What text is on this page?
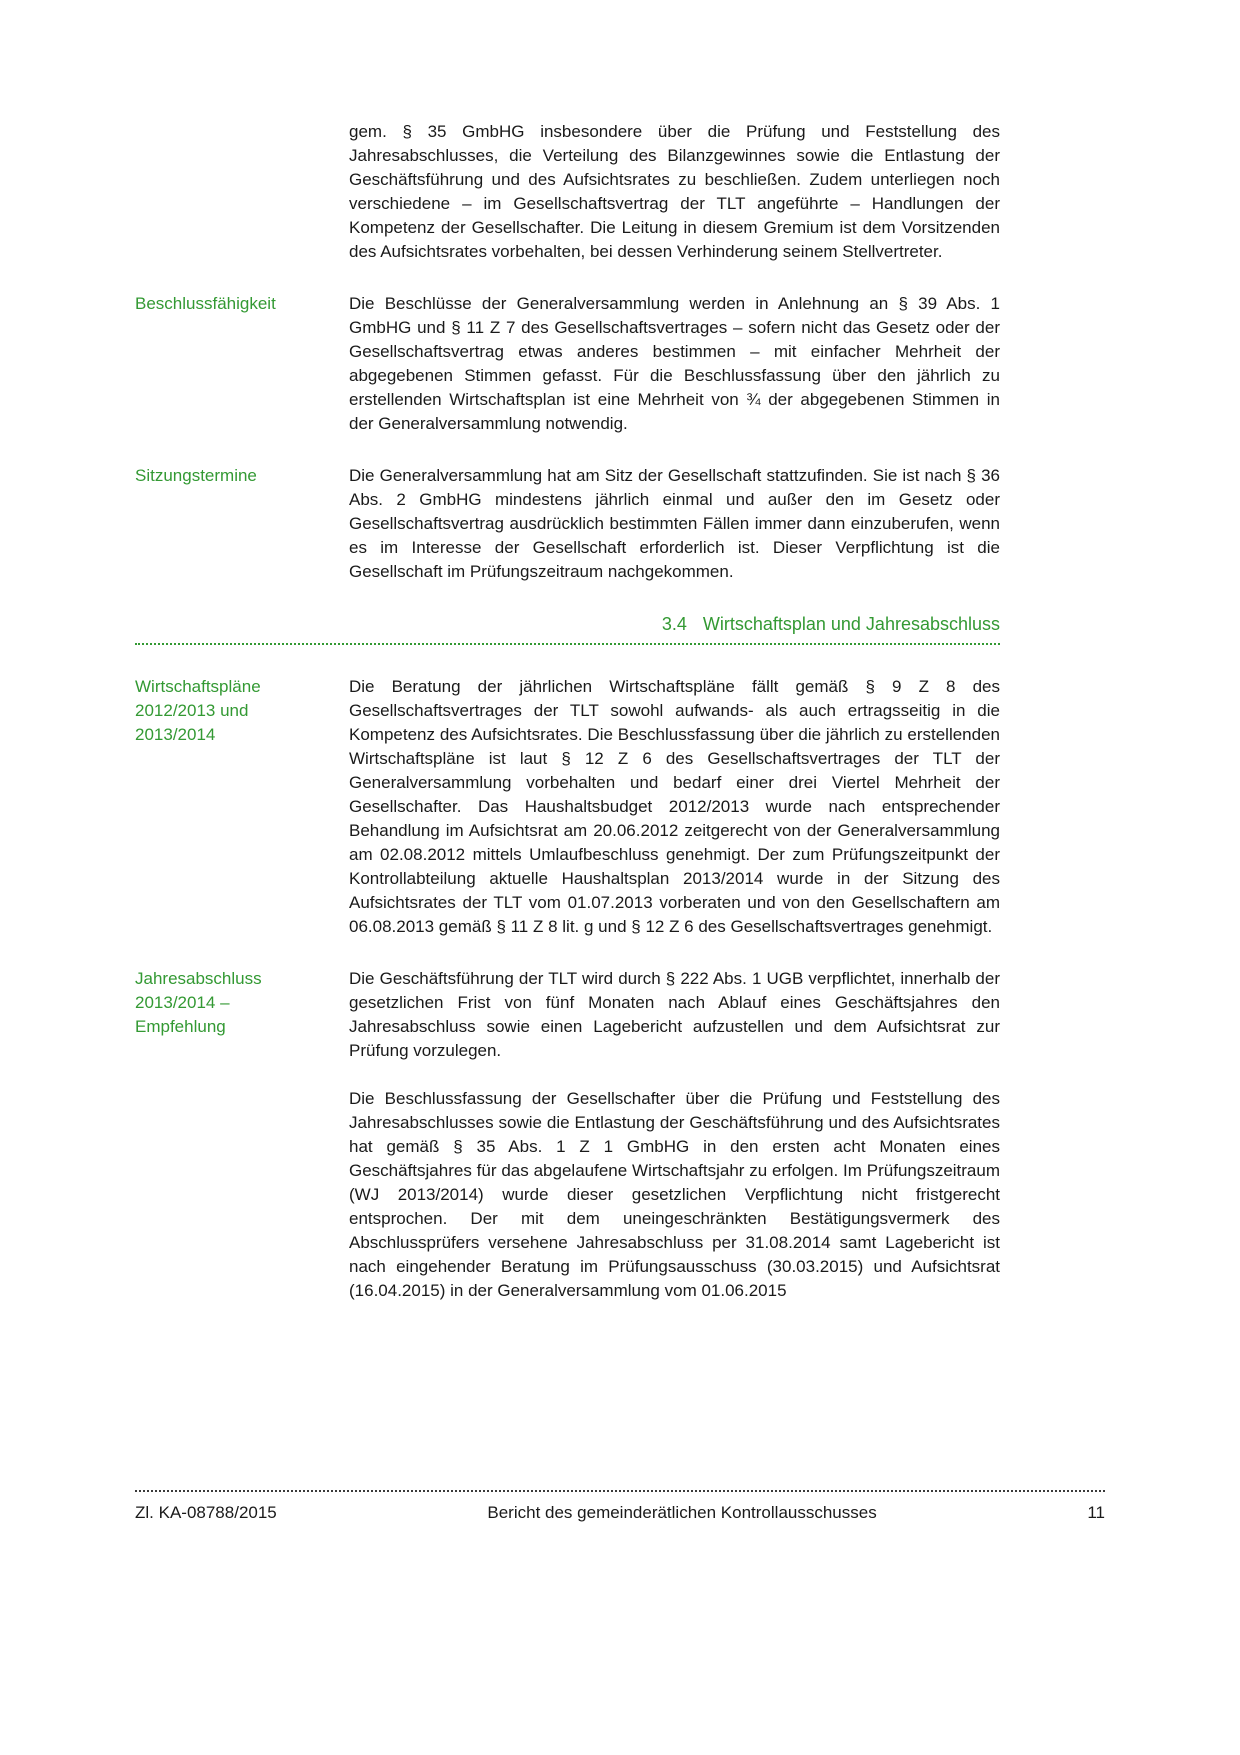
gem. § 35 GmbHG insbesondere über die Prüfung und Feststellung des Jahresabschlusses, die Verteilung des Bilanzgewinnes sowie die Entlastung der Geschäftsführung und des Aufsichtsrates zu beschließen. Zudem unterliegen noch verschiedene – im Gesellschaftsvertrag der TLT angeführte – Handlungen der Kompetenz der Gesellschafter. Die Leitung in diesem Gremium ist dem Vorsitzenden des Aufsichtsrates vorbehalten, bei dessen Verhinderung seinem Stellvertreter.

Beschlussfähigkeit	Die Beschlüsse der Generalversammlung werden in Anlehnung an § 39 Abs. 1 GmbHG und § 11 Z 7 des Gesellschaftsvertrages – sofern nicht das Gesetz oder der Gesellschaftsvertrag etwas anderes bestimmen – mit einfacher Mehrheit der abgegebenen Stimmen gefasst. Für die Beschlussfassung über den jährlich zu erstellenden Wirtschaftsplan ist eine Mehrheit von ¾ der abgegebenen Stimmen in der Generalversammlung notwendig.

Sitzungstermine	Die Generalversammlung hat am Sitz der Gesellschaft stattzufinden. Sie ist nach § 36 Abs. 2 GmbHG mindestens jährlich einmal und außer den im Gesetz oder Gesellschaftsvertrag ausdrücklich bestimmten Fällen immer dann einzuberufen, wenn es im Interesse der Gesellschaft erforderlich ist. Dieser Verpflichtung ist die Gesellschaft im Prüfungszeitraum nachgekommen.

3.4 Wirtschaftsplan und Jahresabschluss
Wirtschaftspläne 2012/2013 und 2013/2014

Die Beratung der jährlichen Wirtschaftspläne fällt gemäß § 9 Z 8 des Gesellschaftsvertrages der TLT sowohl aufwands- als auch ertragsseitig in die Kompetenz des Aufsichtsrates. Die Beschlussfassung über die jährlich zu erstellenden Wirtschaftspläne ist laut § 12 Z 6 des Gesellschaftsvertrages der TLT der Generalversammlung vorbehalten und bedarf einer drei Viertel Mehrheit der Gesellschafter. Das Haushaltsbudget 2012/2013 wurde nach entsprechender Behandlung im Aufsichtsrat am 20.06.2012 zeitgerecht von der Generalversammlung am 02.08.2012 mittels Umlaufbeschluss genehmigt. Der zum Prüfungszeitpunkt der Kontrollabteilung aktuelle Haushaltsplan 2013/2014 wurde in der Sitzung des Aufsichtsrates der TLT vom 01.07.2013 vorberaten und von den Gesellschaftern am 06.08.2013 gemäß § 11 Z 8 lit. g und § 12 Z 6 des Gesellschaftsvertrages genehmigt.

Jahresabschluss 2013/2014 – Empfehlung

Die Geschäftsführung der TLT wird durch § 222 Abs. 1 UGB verpflichtet, innerhalb der gesetzlichen Frist von fünf Monaten nach Ablauf eines Geschäftsjahres den Jahresabschluss sowie einen Lagebericht aufzustellen und dem Aufsichtsrat zur Prüfung vorzulegen.

Die Beschlussfassung der Gesellschafter über die Prüfung und Feststellung des Jahresabschlusses sowie die Entlastung der Geschäftsführung und des Aufsichtsrates hat gemäß § 35 Abs. 1 Z 1 GmbHG in den ersten acht Monaten eines Geschäftsjahres für das abgelaufene Wirtschaftsjahr zu erfolgen. Im Prüfungszeitraum (WJ 2013/2014) wurde dieser gesetzlichen Verpflichtung nicht fristgerecht entsprochen. Der mit dem uneingeschränkten Bestätigungsvermerk des Abschlussprüfers versehene Jahresabschluss per 31.08.2014 samt Lagebericht ist nach eingehender Beratung im Prüfungsausschuss (30.03.2015) und Aufsichtsrat (16.04.2015) in der Generalversammlung vom 01.06.2015

Zl. KA-08788/2015	Bericht des gemeinderätlichen Kontrollausschusses	11
